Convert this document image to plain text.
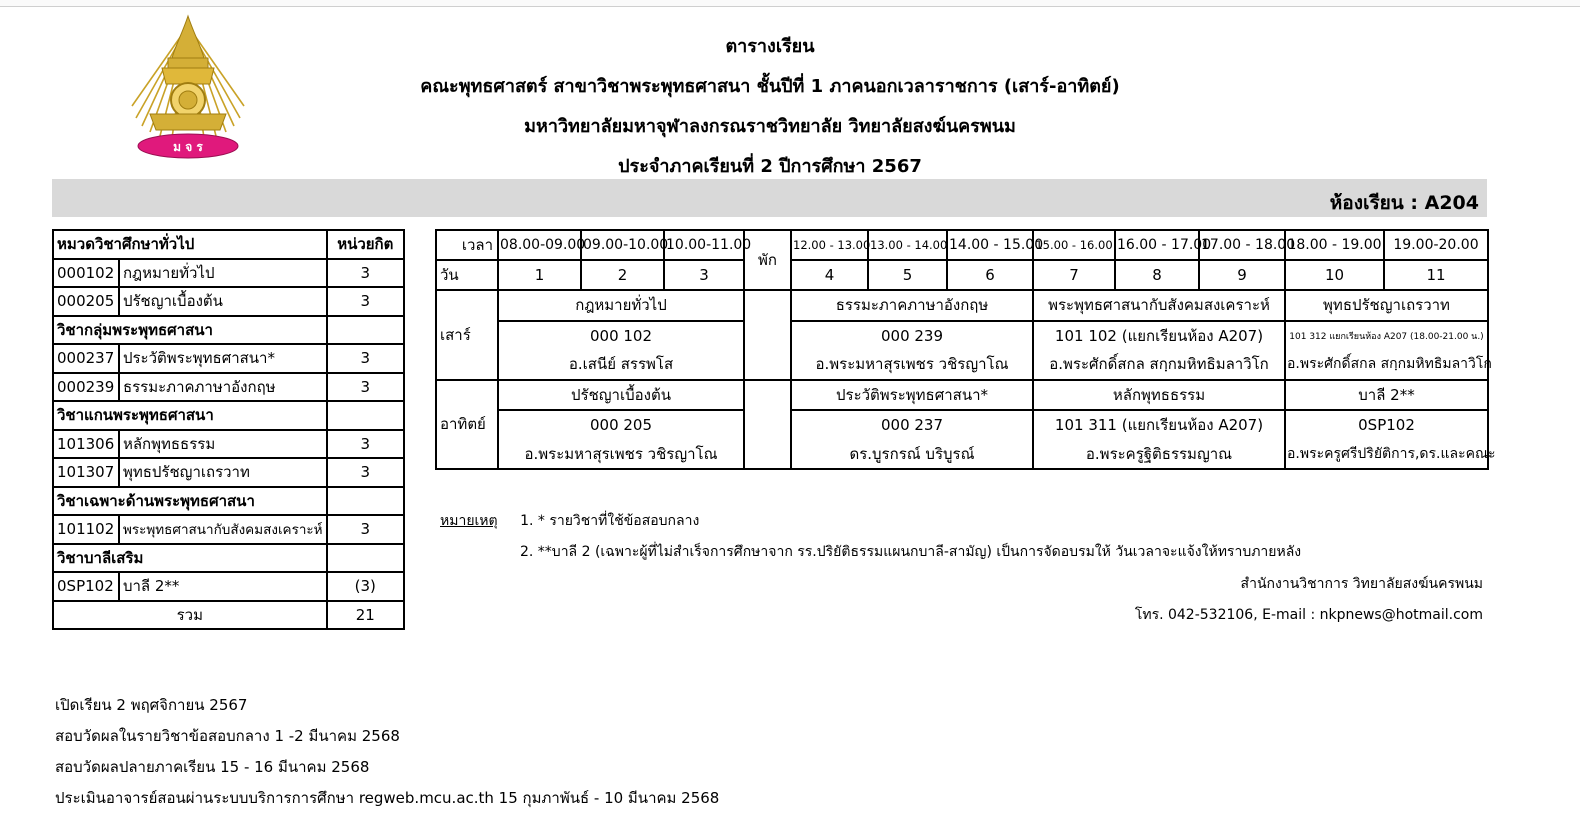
ม จ ร
ตารางเรียน
คณะพุทธศาสตร์ สาขาวิชาพระพุทธศาสนา ชั้นปีที่ 1 ภาคนอกเวลาราชการ (เสาร์-อาทิตย์)
มหาวิทยาลัยมหาจุฬาลงกรณราชวิทยาลัย วิทยาลัยสงฆ์นครพนม
ประจำภาคเรียนที่ 2 ปีการศึกษา 2567
ห้องเรียน : A204
หมวดวิชาศึกษาทั่วไป		หน่วยกิต
000102	กฎหมายทั่วไป	3
000205	ปรัชญาเบื้องต้น	3
วิชากลุ่มพระพุทธศาสนา		
000237	ประวัติพระพุทธศาสนา*	3
000239	ธรรมะภาคภาษาอังกฤษ	3
วิชาแกนพระพุทธศาสนา		
101306	หลักพุทธธรรม	3
101307	พุทธปรัชญาเถรวาท	3
วิชาเฉพาะด้านพระพุทธศาสนา		
101102	พระพุทธศาสนากับสังคมสงเคราะห์	3
วิชาบาลีเสริม		
0SP102	บาลี 2**	(3)
รวม		21
เวลา	08.00-09.00	09.00-10.00	10.00-11.00	พัก	12.00 - 13.00	13.00 - 14.00	14.00 - 15.00	15.00 - 16.00	16.00 - 17.00	17.00 - 18.00	18.00 - 19.00	19.00-20.00
วัน	1	2	3		4	5	6	7	8	9	10	11
เสาร์	กฎหมายทั่วไป				ธรรมะภาคภาษาอังกฤษ			พระพุทธศาสนากับสังคมสงเคราะห์			พุทธปรัชญาเถรวาท	
	000 102				000 239			101 102 (แยกเรียนห้อง A207)			101 312 แยกเรียนห้อง A207 (18.00-21.00 น.)	
	อ.เสนีย์ สรรพโส				อ.พระมหาสุรเพชร วชิรญาโณ			อ.พระศักดิ์สกล สกฺกมหิทธิมลาวิโก			อ.พระศักดิ์สกล สกฺกมหิทธิมลาวิโก	
อาทิตย์	ปรัชญาเบื้องต้น				ประวัติพระพุทธศาสนา*			หลักพุทธธรรม			บาลี 2**	
	000 205				000 237			101 311 (แยกเรียนห้อง A207)			0SP102	
	อ.พระมหาสุรเพชร วชิรญาโณ				ดร.บูรกรณ์ บริบูรณ์			อ.พระครูฐิติธรรมญาณ			อ.พระครูศรีปริยัติการ,ดร.และคณะ	
หมายเหตุ 1. * รายวิชาที่ใช้ข้อสอบกลาง
2. **บาลี 2 (เฉพาะผู้ที่ไม่สำเร็จการศึกษาจาก รร.ปริยัติธรรมแผนกบาลี-สามัญ) เป็นการจัดอบรมให้ วันเวลาจะแจ้งให้ทราบภายหลัง
สำนักงานวิชาการ วิทยาลัยสงฆ์นครพนม
โทร. 042-532106, E-mail : nkpnews@hotmail.com
เปิดเรียน 2 พฤศจิกายน 2567
สอบวัดผลในรายวิชาข้อสอบกลาง 1 -2 มีนาคม 2568
สอบวัดผลปลายภาคเรียน 15 - 16 มีนาคม 2568
ประเมินอาจารย์สอนผ่านระบบบริการการศึกษา regweb.mcu.ac.th 15 กุมภาพันธ์ - 10 มีนาคม 2568
